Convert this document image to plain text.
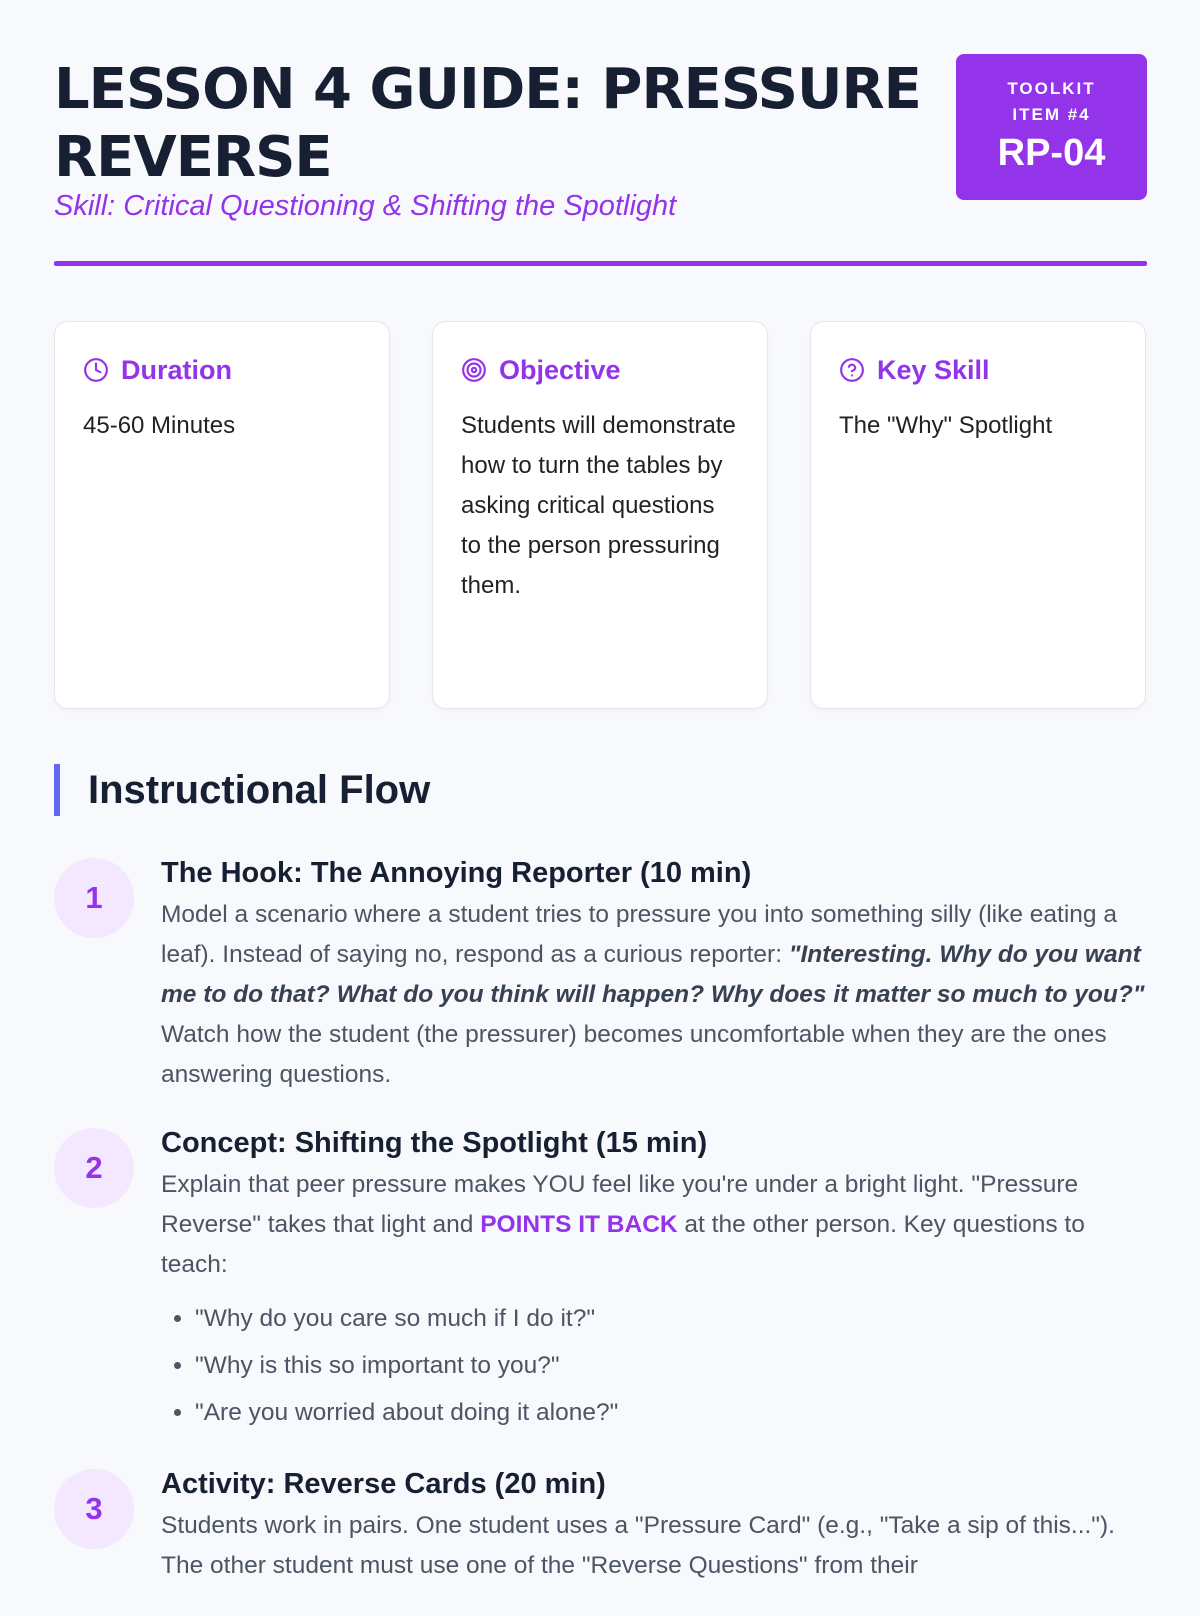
LESSON 4 GUIDE: PRESSURE REVERSE
Skill: Critical Questioning & Shifting the Spotlight
TOOLKIT ITEM #4
RP-04
Duration
45-60 Minutes
Objective
Students will demonstrate how to turn the tables by asking critical questions to the person pressuring them.
Key Skill
The "Why" Spotlight
Instructional Flow
1
The Hook: The Annoying Reporter (10 min)
Model a scenario where a student tries to pressure you into something silly (like eating a leaf). Instead of saying no, respond as a curious reporter: "Interesting. Why do you want me to do that? What do you think will happen? Why does it matter so much to you?" Watch how the student (the pressurer) becomes uncomfortable when they are the ones answering questions.
2
Concept: Shifting the Spotlight (15 min)
Explain that peer pressure makes YOU feel like you're under a bright light. "Pressure Reverse" takes that light and POINTS IT BACK at the other person. Key questions to teach:
• "Why do you care so much if I do it?"
• "Why is this so important to you?"
• "Are you worried about doing it alone?"
3
Activity: Reverse Cards (20 min)
Students work in pairs. One student uses a "Pressure Card" (e.g., "Take a sip of this..."). The other student must use one of the "Reverse Questions" from their
